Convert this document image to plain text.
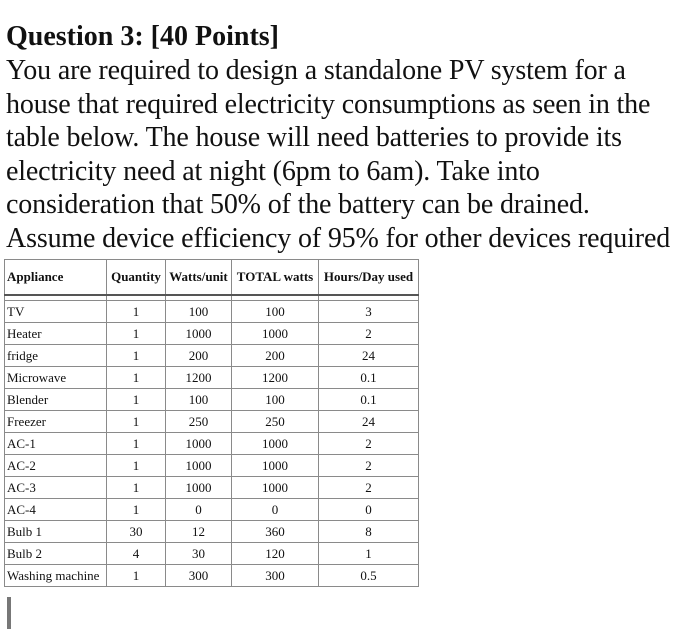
Question 3: [40 Points]
You are required to design a standalone PV system for a
house that required electricity consumptions as seen in the
table below. The house will need batteries to provide its
electricity need at night (6pm to 6am). Take into
consideration that 50% of the battery can be drained.
Assume device efficiency of 95% for other devices required
Appliance	Quantity	Watts/unit	TOTAL watts	Hours/Day used

TV	1	100	100	3
Heater	1	1000	1000	2
fridge	1	200	200	24
Microwave	1	1200	1200	0.1
Blender	1	100	100	0.1
Freezer	1	250	250	24
AC-1	1	1000	1000	2
AC-2	1	1000	1000	2
AC-3	1	1000	1000	2
AC-4	1	0	0	0
Bulb 1	30	12	360	8
Bulb 2	4	30	120	1
Washing machine	1	300	300	0.5
